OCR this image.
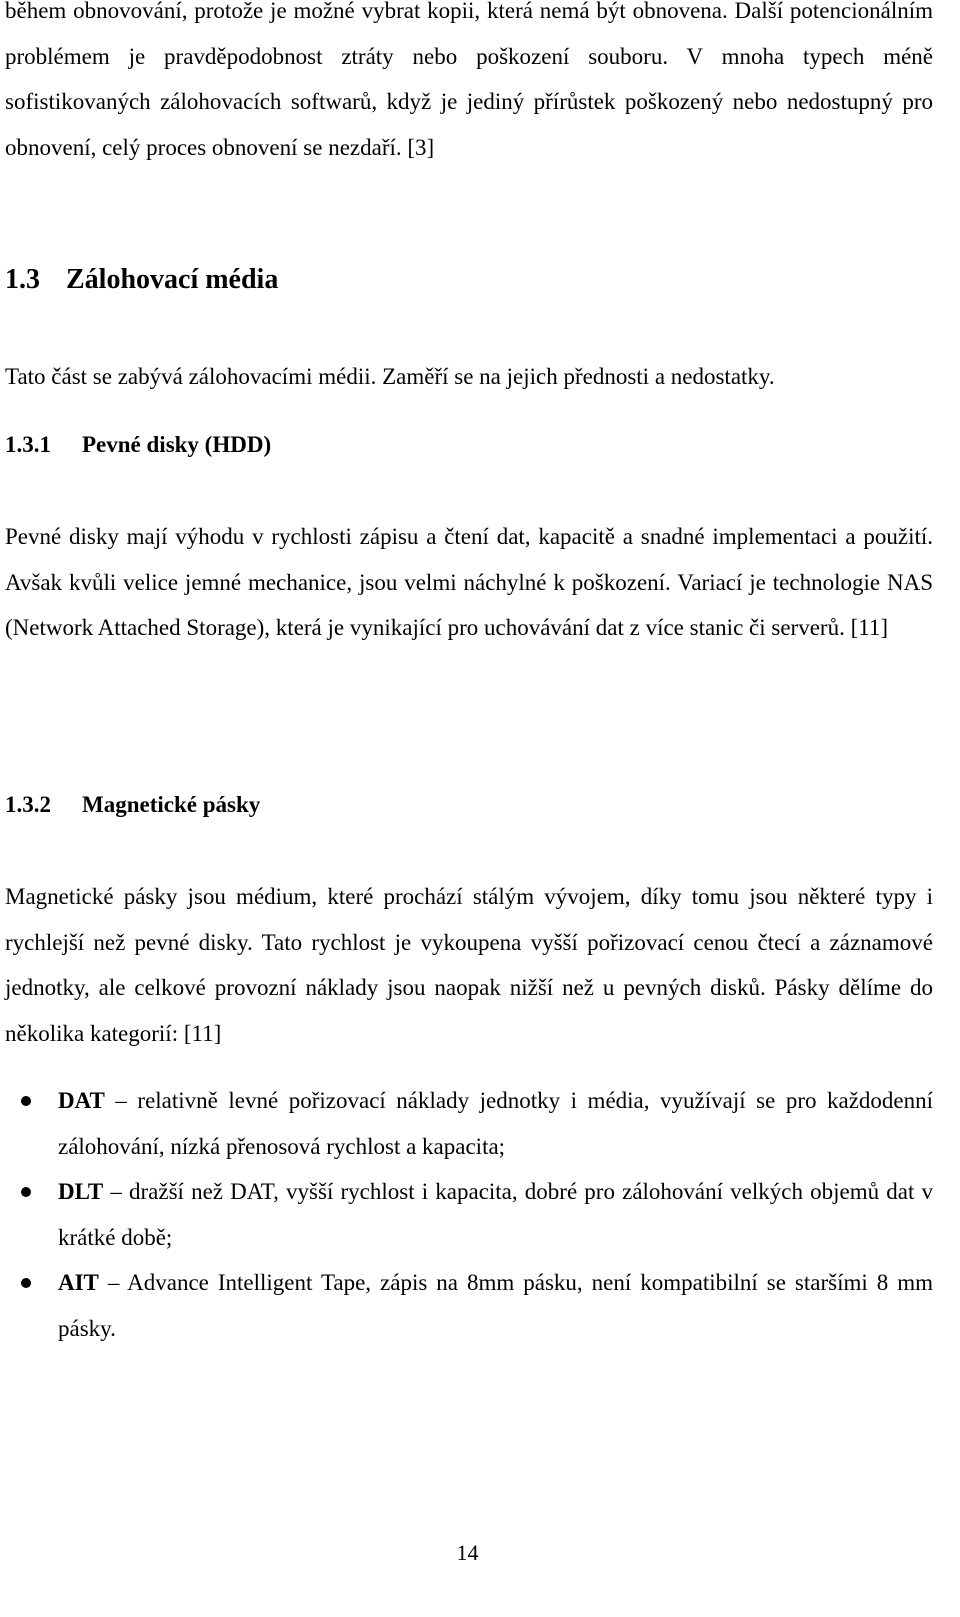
během obnovování, protože je možné vybrat kopii, která nemá být obnovena. Další potencionálním problémem je pravděpodobnost ztráty nebo poškození souboru. V mnoha typech méně sofistikovaných zálohovacích softwarů, když je jediný přírůstek poškozený nebo nedostupný pro obnovení, celý proces obnovení se nezdaří. [3]

1.3 Zálohovací média

Tato část se zabývá zálohovacími médii. Zaměří se na jejich přednosti a nedostatky.

1.3.1 Pevné disky (HDD)

Pevné disky mají výhodu v rychlosti zápisu a čtení dat, kapacitě a snadné implementaci a použití. Avšak kvůli velice jemné mechanice, jsou velmi náchylné k poškození. Variací je technologie NAS (Network Attached Storage), která je vynikající pro uchovávání dat z více stanic či serverů. [11]

1.3.2 Magnetické pásky

Magnetické pásky jsou médium, které prochází stálým vývojem, díky tomu jsou některé typy i rychlejší než pevné disky. Tato rychlost je vykoupena vyšší pořizovací cenou čtecí a záznamové jednotky, ale celkové provozní náklady jsou naopak nižší než u pevných disků. Pásky dělíme do několika kategorií: [11]

DAT – relativně levné pořizovací náklady jednotky i média, využívají se pro každodenní zálohování, nízká přenosová rychlost a kapacita;
DLT – dražší než DAT, vyšší rychlost i kapacita, dobré pro zálohování velkých objemů dat v krátké době;
AIT – Advance Intelligent Tape, zápis na 8mm pásku, není kompatibilní se staršími 8 mm pásky.
14
